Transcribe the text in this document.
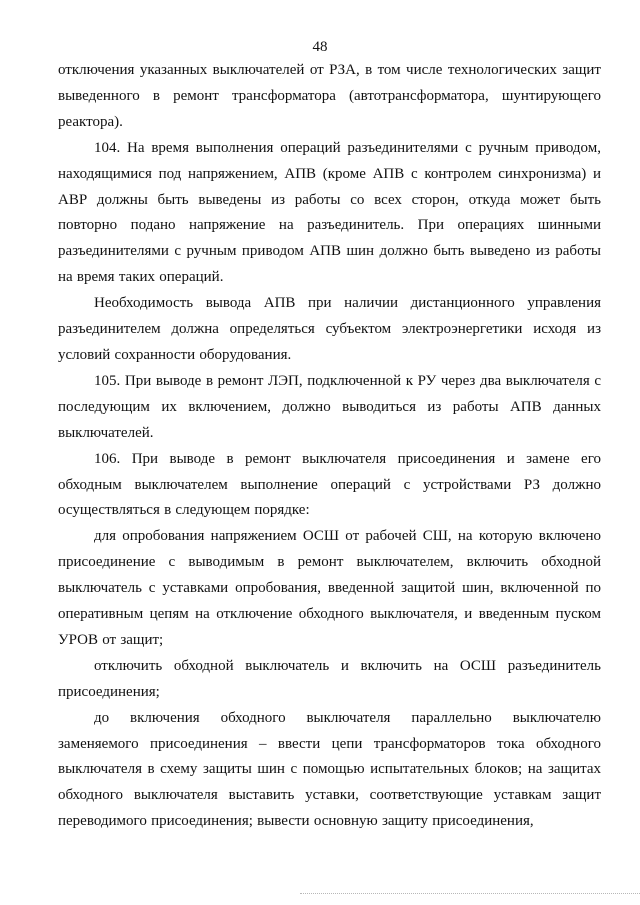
48

отключения указанных выключателей от РЗА, в том числе технологических защит выведенного в ремонт трансформатора (автотрансформатора, шунтирующего реактора).

104. На время выполнения операций разъединителями с ручным приводом, находящимися под напряжением, АПВ (кроме АПВ с контролем синхронизма) и АВР должны быть выведены из работы со всех сторон, откуда может быть повторно подано напряжение на разъединитель. При операциях шинными разъединителями с ручным приводом АПВ шин должно быть выведено из работы на время таких операций.

Необходимость вывода АПВ при наличии дистанционного управления разъединителем должна определяться субъектом электроэнергетики исходя из условий сохранности оборудования.

105. При выводе в ремонт ЛЭП, подключенной к РУ через два выключателя с последующим их включением, должно выводиться из работы АПВ данных выключателей.

106. При выводе в ремонт выключателя присоединения и замене его обходным выключателем выполнение операций с устройствами РЗ должно осуществляться в следующем порядке:

для опробования напряжением ОСШ от рабочей СШ, на которую включено присоединение с выводимым в ремонт выключателем, включить обходной выключатель с уставками опробования, введенной защитой шин, включенной по оперативным цепям на отключение обходного выключателя, и введенным пуском УРОВ от защит;

отключить обходной выключатель и включить на ОСШ разъединитель присоединения;

до включения обходного выключателя параллельно выключателю заменяемого присоединения – ввести цепи трансформаторов тока обходного выключателя в схему защиты шин с помощью испытательных блоков; на защитах обходного выключателя выставить уставки, соответствующие уставкам защит переводимого присоединения; вывести основную защиту присоединения,
